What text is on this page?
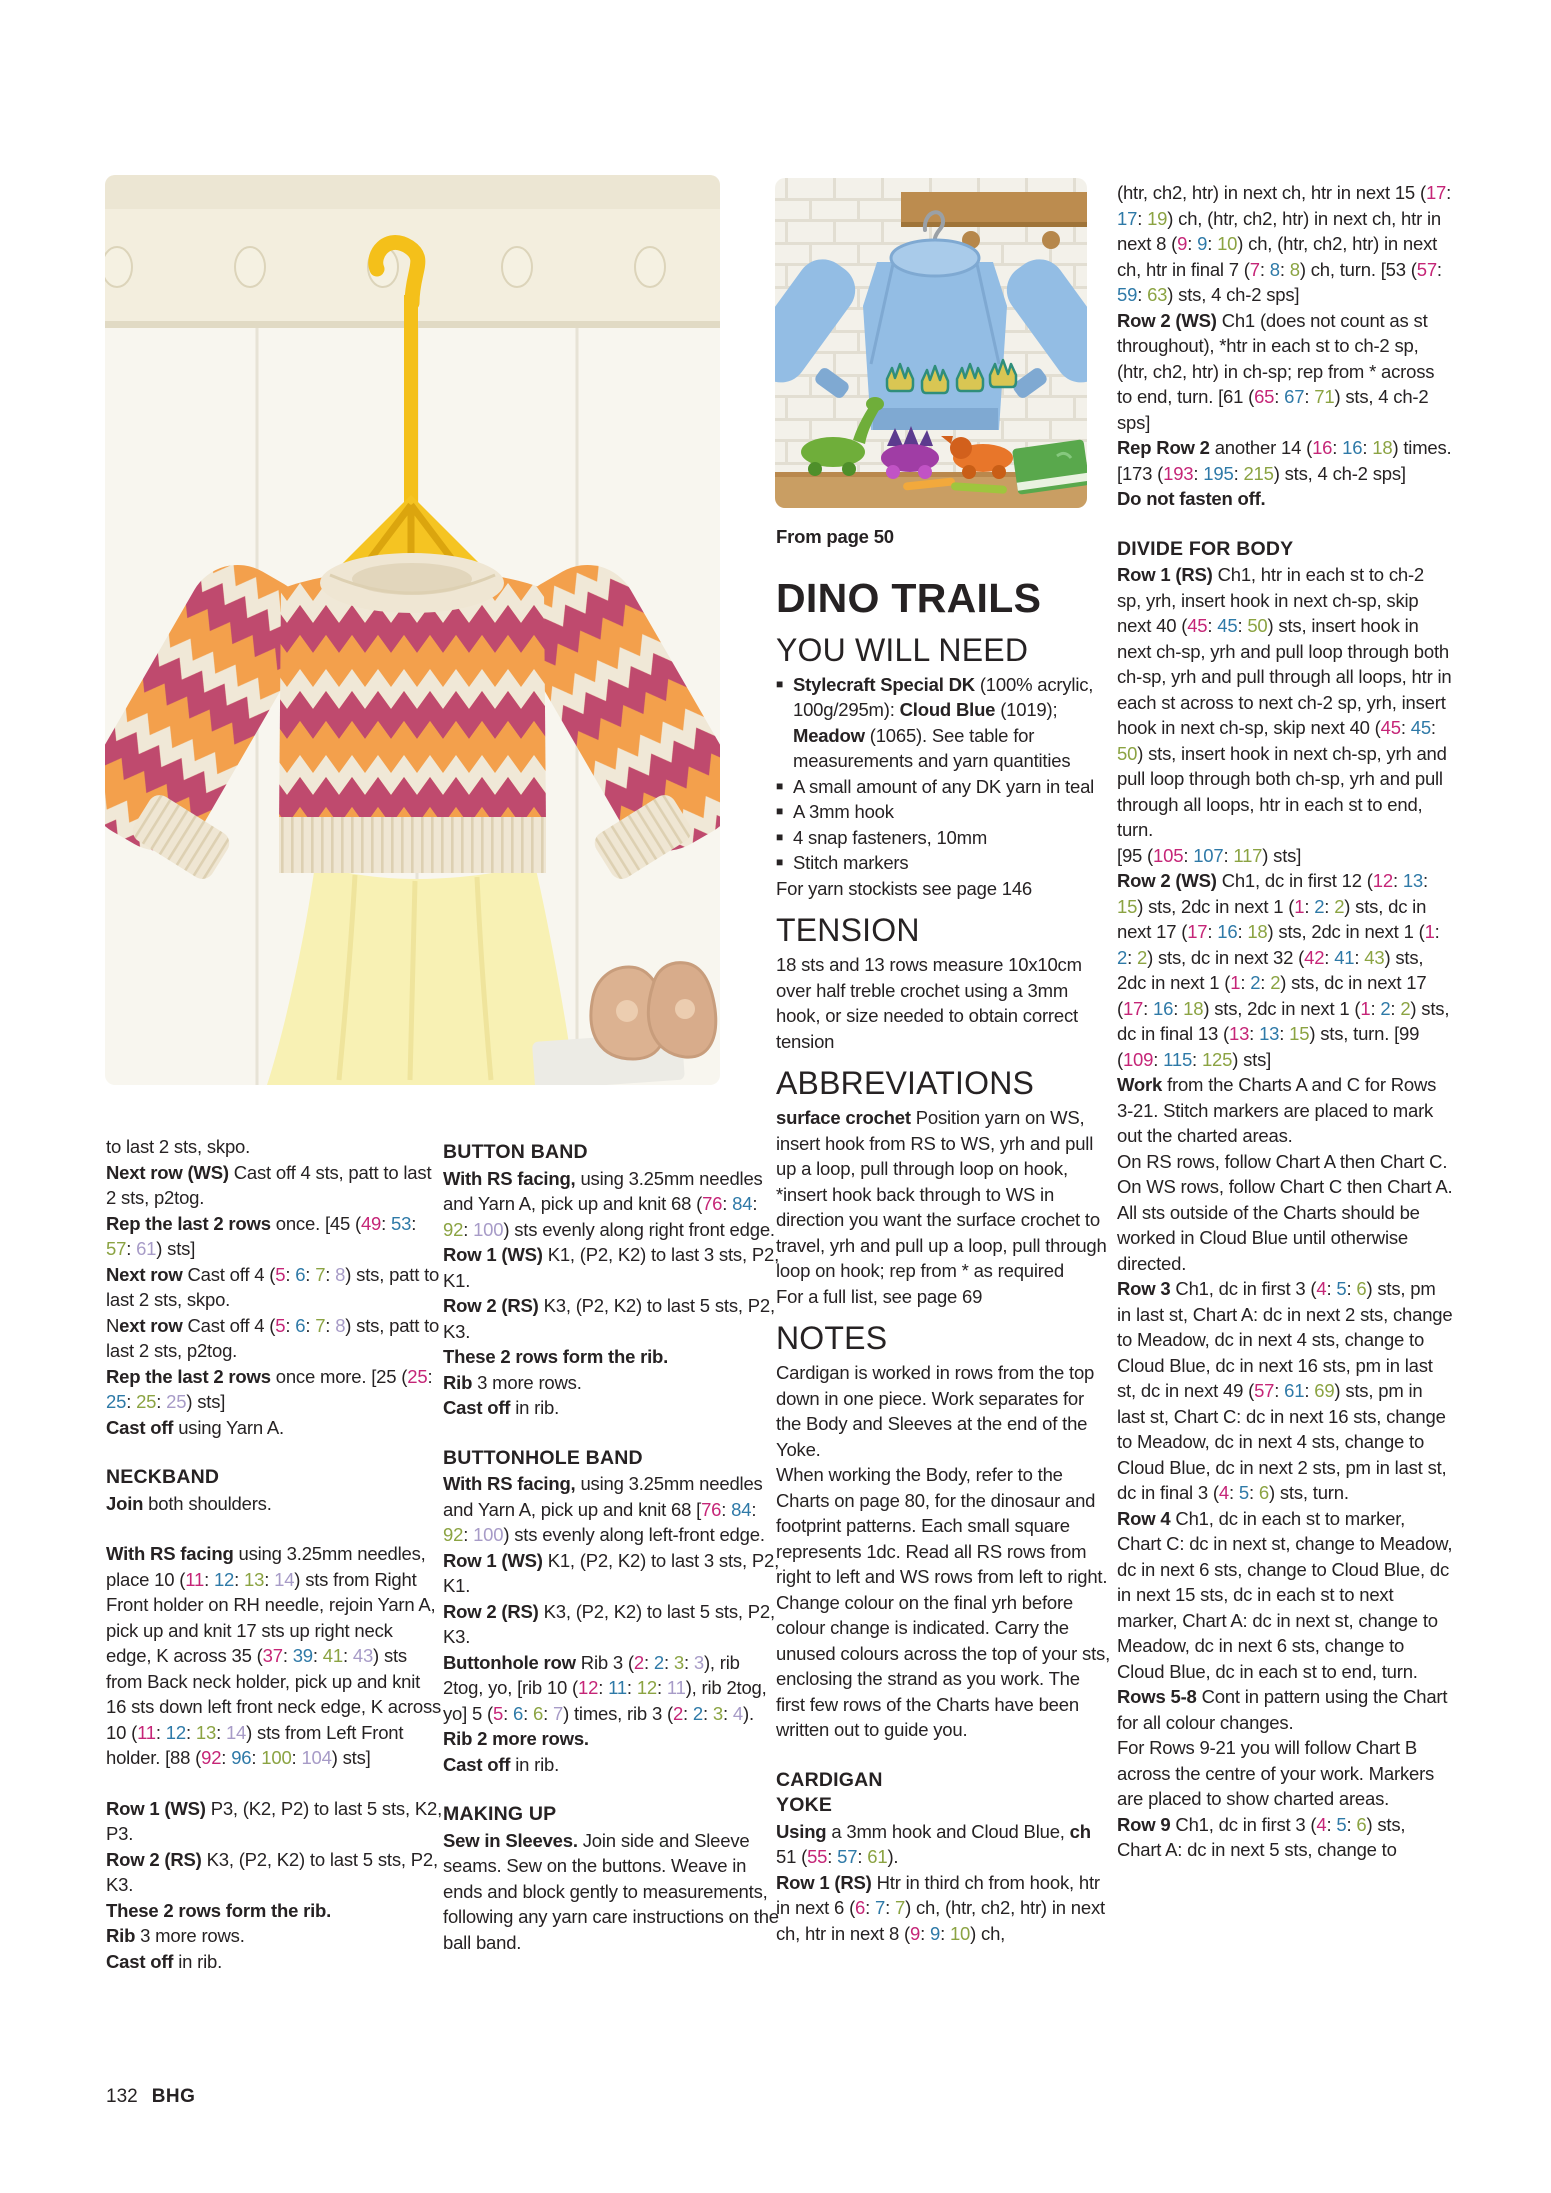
to last 2 sts, skpo.
Next row (WS) Cast off 4 sts, patt to last 2 sts, p2tog.
Rep the last 2 rows once. [45 (49: 53: 57: 61) sts]
Next row Cast off 4 (5: 6: 7: 8) sts, patt to last 2 sts, skpo.
Next row Cast off 4 (5: 6: 7: 8) sts, patt to last 2 sts, p2tog.
Rep the last 2 rows once more. [25 (25: 25: 25: 25) sts]
Cast off using Yarn A.
NECKBAND
Join both shoulders.
With RS facing using 3.25mm needles, place 10 (11: 12: 13: 14) sts from Right Front holder on RH needle, rejoin Yarn A, pick up and knit 17 sts up right neck edge, K across 35 (37: 39: 41: 43) sts from Back neck holder, pick up and knit 16 sts down left front neck edge, K across 10 (11: 12: 13: 14) sts from Left Front holder. [88 (92: 96: 100: 104) sts]
Row 1 (WS) P3, (K2, P2) to last 5 sts, K2, P3.
Row 2 (RS) K3, (P2, K2) to last 5 sts, P2, K3.
These 2 rows form the rib.
Rib 3 more rows.
Cast off in rib.
BUTTON BAND
With RS facing, using 3.25mm needles and Yarn A, pick up and knit 68 (76: 84: 92: 100) sts evenly along right front edge.
Row 1 (WS) K1, (P2, K2) to last 3 sts, P2, K1.
Row 2 (RS) K3, (P2, K2) to last 5 sts, P2, K3.
These 2 rows form the rib.
Rib 3 more rows.
Cast off in rib.
BUTTONHOLE BAND
With RS facing, using 3.25mm needles and Yarn A, pick up and knit 68 [76: 84: 92: 100) sts evenly along left-front edge.
Row 1 (WS) K1, (P2, K2) to last 3 sts, P2, K1.
Row 2 (RS) K3, (P2, K2) to last 5 sts, P2, K3.
Buttonhole row Rib 3 (2: 2: 3: 3), rib 2tog, yo, [rib 10 (12: 11: 12: 11), rib 2tog, yo] 5 (5: 6: 6: 7) times, rib 3 (2: 2: 3: 4).
Rib 2 more rows.
Cast off in rib.
MAKING UP
Sew in Sleeves. Join side and Sleeve seams. Sew on the buttons. Weave in ends and block gently to measurements, following any yarn care instructions on the ball band.
From page 50
DINO TRAILS
YOU WILL NEED
■ Stylecraft Special DK (100% acrylic, 100g/295m): Cloud Blue (1019); Meadow (1065). See table for measurements and yarn quantities
■ A small amount of any DK yarn in teal
■ A 3mm hook
■ 4 snap fasteners, 10mm
■ Stitch markers
For yarn stockists see page 146
TENSION
18 sts and 13 rows measure 10x10cm over half treble crochet using a 3mm hook, or size needed to obtain correct tension
ABBREVIATIONS
surface crochet Position yarn on WS, insert hook from RS to WS, yrh and pull up a loop, pull through loop on hook, *insert hook back through to WS in direction you want the surface crochet to travel, yrh and pull up a loop, pull through loop on hook; rep from * as required
For a full list, see page 69
NOTES
Cardigan is worked in rows from the top down in one piece. Work separates for the Body and Sleeves at the end of the Yoke.
When working the Body, refer to the Charts on page 80, for the dinosaur and footprint patterns. Each small square represents 1dc. Read all RS rows from right to left and WS rows from left to right. Change colour on the final yrh before colour change is indicated. Carry the unused colours across the top of your sts, enclosing the strand as you work. The first few rows of the Charts have been written out to guide you.
CARDIGAN
YOKE
Using a 3mm hook and Cloud Blue, ch 51 (55: 57: 61).
Row 1 (RS) Htr in third ch from hook, htr in next 6 (6: 7: 7) ch, (htr, ch2, htr) in next ch, htr in next 8 (9: 9: 10) ch,
(htr, ch2, htr) in next ch, htr in next 15 (17: 17: 19) ch, (htr, ch2, htr) in next ch, htr in next 8 (9: 9: 10) ch, (htr, ch2, htr) in next ch, htr in final 7 (7: 8: 8) ch, turn. [53 (57: 59: 63) sts, 4 ch-2 sps]
Row 2 (WS) Ch1 (does not count as st throughout), *htr in each st to ch-2 sp, (htr, ch2, htr) in ch-sp; rep from * across to end, turn. [61 (65: 67: 71) sts, 4 ch-2 sps]
Rep Row 2 another 14 (16: 16: 18) times.
[173 (193: 195: 215) sts, 4 ch-2 sps]
Do not fasten off.
DIVIDE FOR BODY
Row 1 (RS) Ch1, htr in each st to ch-2 sp, yrh, insert hook in next ch-sp, skip next 40 (45: 45: 50) sts, insert hook in next ch-sp, yrh and pull loop through both ch-sp, yrh and pull through all loops, htr in each st across to next ch-2 sp, yrh, insert hook in next ch-sp, skip next 40 (45: 45: 50) sts, insert hook in next ch-sp, yrh and pull loop through both ch-sp, yrh and pull through all loops, htr in each st to end, turn.
[95 (105: 107: 117) sts]
Row 2 (WS) Ch1, dc in first 12 (12: 13: 15) sts, 2dc in next 1 (1: 2: 2) sts, dc in next 17 (17: 16: 18) sts, 2dc in next 1 (1: 2: 2) sts, dc in next 32 (42: 41: 43) sts, 2dc in next 1 (1: 2: 2) sts, dc in next 17 (17: 16: 18) sts, 2dc in next 1 (1: 2: 2) sts, dc in final 13 (13: 13: 15) sts, turn. [99 (109: 115: 125) sts]
Work from the Charts A and C for Rows 3-21. Stitch markers are placed to mark out the charted areas.
On RS rows, follow Chart A then Chart C. On WS rows, follow Chart C then Chart A. All sts outside of the Charts should be worked in Cloud Blue until otherwise directed.
Row 3 Ch1, dc in first 3 (4: 5: 6) sts, pm in last st, Chart A: dc in next 2 sts, change to Meadow, dc in next 4 sts, change to Cloud Blue, dc in next 16 sts, pm in last st, dc in next 49 (57: 61: 69) sts, pm in last st, Chart C: dc in next 16 sts, change to Meadow, dc in next 4 sts, change to Cloud Blue, dc in next 2 sts, pm in last st, dc in final 3 (4: 5: 6) sts, turn.
Row 4 Ch1, dc in each st to marker, Chart C: dc in next st, change to Meadow, dc in next 6 sts, change to Cloud Blue, dc in next 15 sts, dc in each st to next marker, Chart A: dc in next st, change to Meadow, dc in next 6 sts, change to Cloud Blue, dc in each st to end, turn.
Rows 5-8 Cont in pattern using the Chart for all colour changes.
For Rows 9-21 you will follow Chart B across the centre of your work. Markers are placed to show charted areas.
Row 9 Ch1, dc in first 3 (4: 5: 6) sts, Chart A: dc in next 5 sts, change to
132 BHG
